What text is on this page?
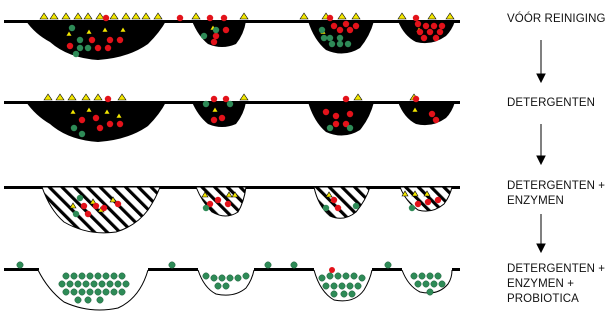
VÓÓR REINIGING
DETERGENTEN
DETERGENTEN +
ENZYMEN
DETERGENTEN +
ENZYMEN +
PROBIOTICA
